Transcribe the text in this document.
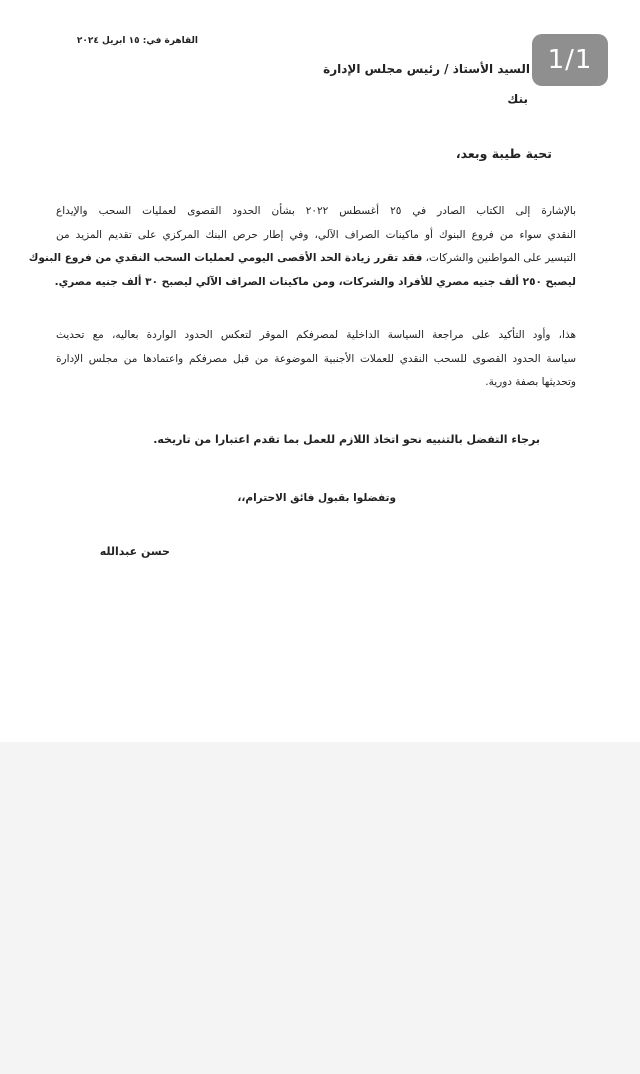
القاهرة في: ١٥ ابريل ٢٠٢٤
السيد الأستاذ / رئيس مجلس الإدارة
بنك
تحية طيبة وبعد،
بالإشارة إلى الكتاب الصادر في ٢٥ أغسطس ٢٠٢٢ بشأن الحدود القصوى لعمليات السحب والإيداع
النقدي سواء من فروع البنوك أو ماكينات الصراف الآلي، وفي إطار حرص البنك المركزي على تقديم المزيد من
التيسير على المواطنين والشركات، فقد تقرر زيادة الحد الأقصى اليومي لعمليات السحب النقدي من فروع البنوك
ليصبح ٢٥٠ ألف جنيه مصري للأفراد والشركات، ومن ماكينات الصراف الآلي ليصبح ٣٠ ألف جنيه مصري.
هذا، وأود التأكيد على مراجعة السياسة الداخلية لمصرفكم الموقر لتعكس الحدود الواردة بعاليه، مع تحديث
سياسة الحدود القصوى للسحب النقدي للعملات الأجنبية الموضوعة من قبل مصرفكم واعتمادها من مجلس الإدارة
وتحديثها بصفة دورية.
برجاء التفضل بالتنبيه نحو اتخاذ اللازم للعمل بما تقدم اعتبارا من تاريخه.
وتفضلوا بقبول فائق الاحترام،،
حسن عبدالله
1/1
